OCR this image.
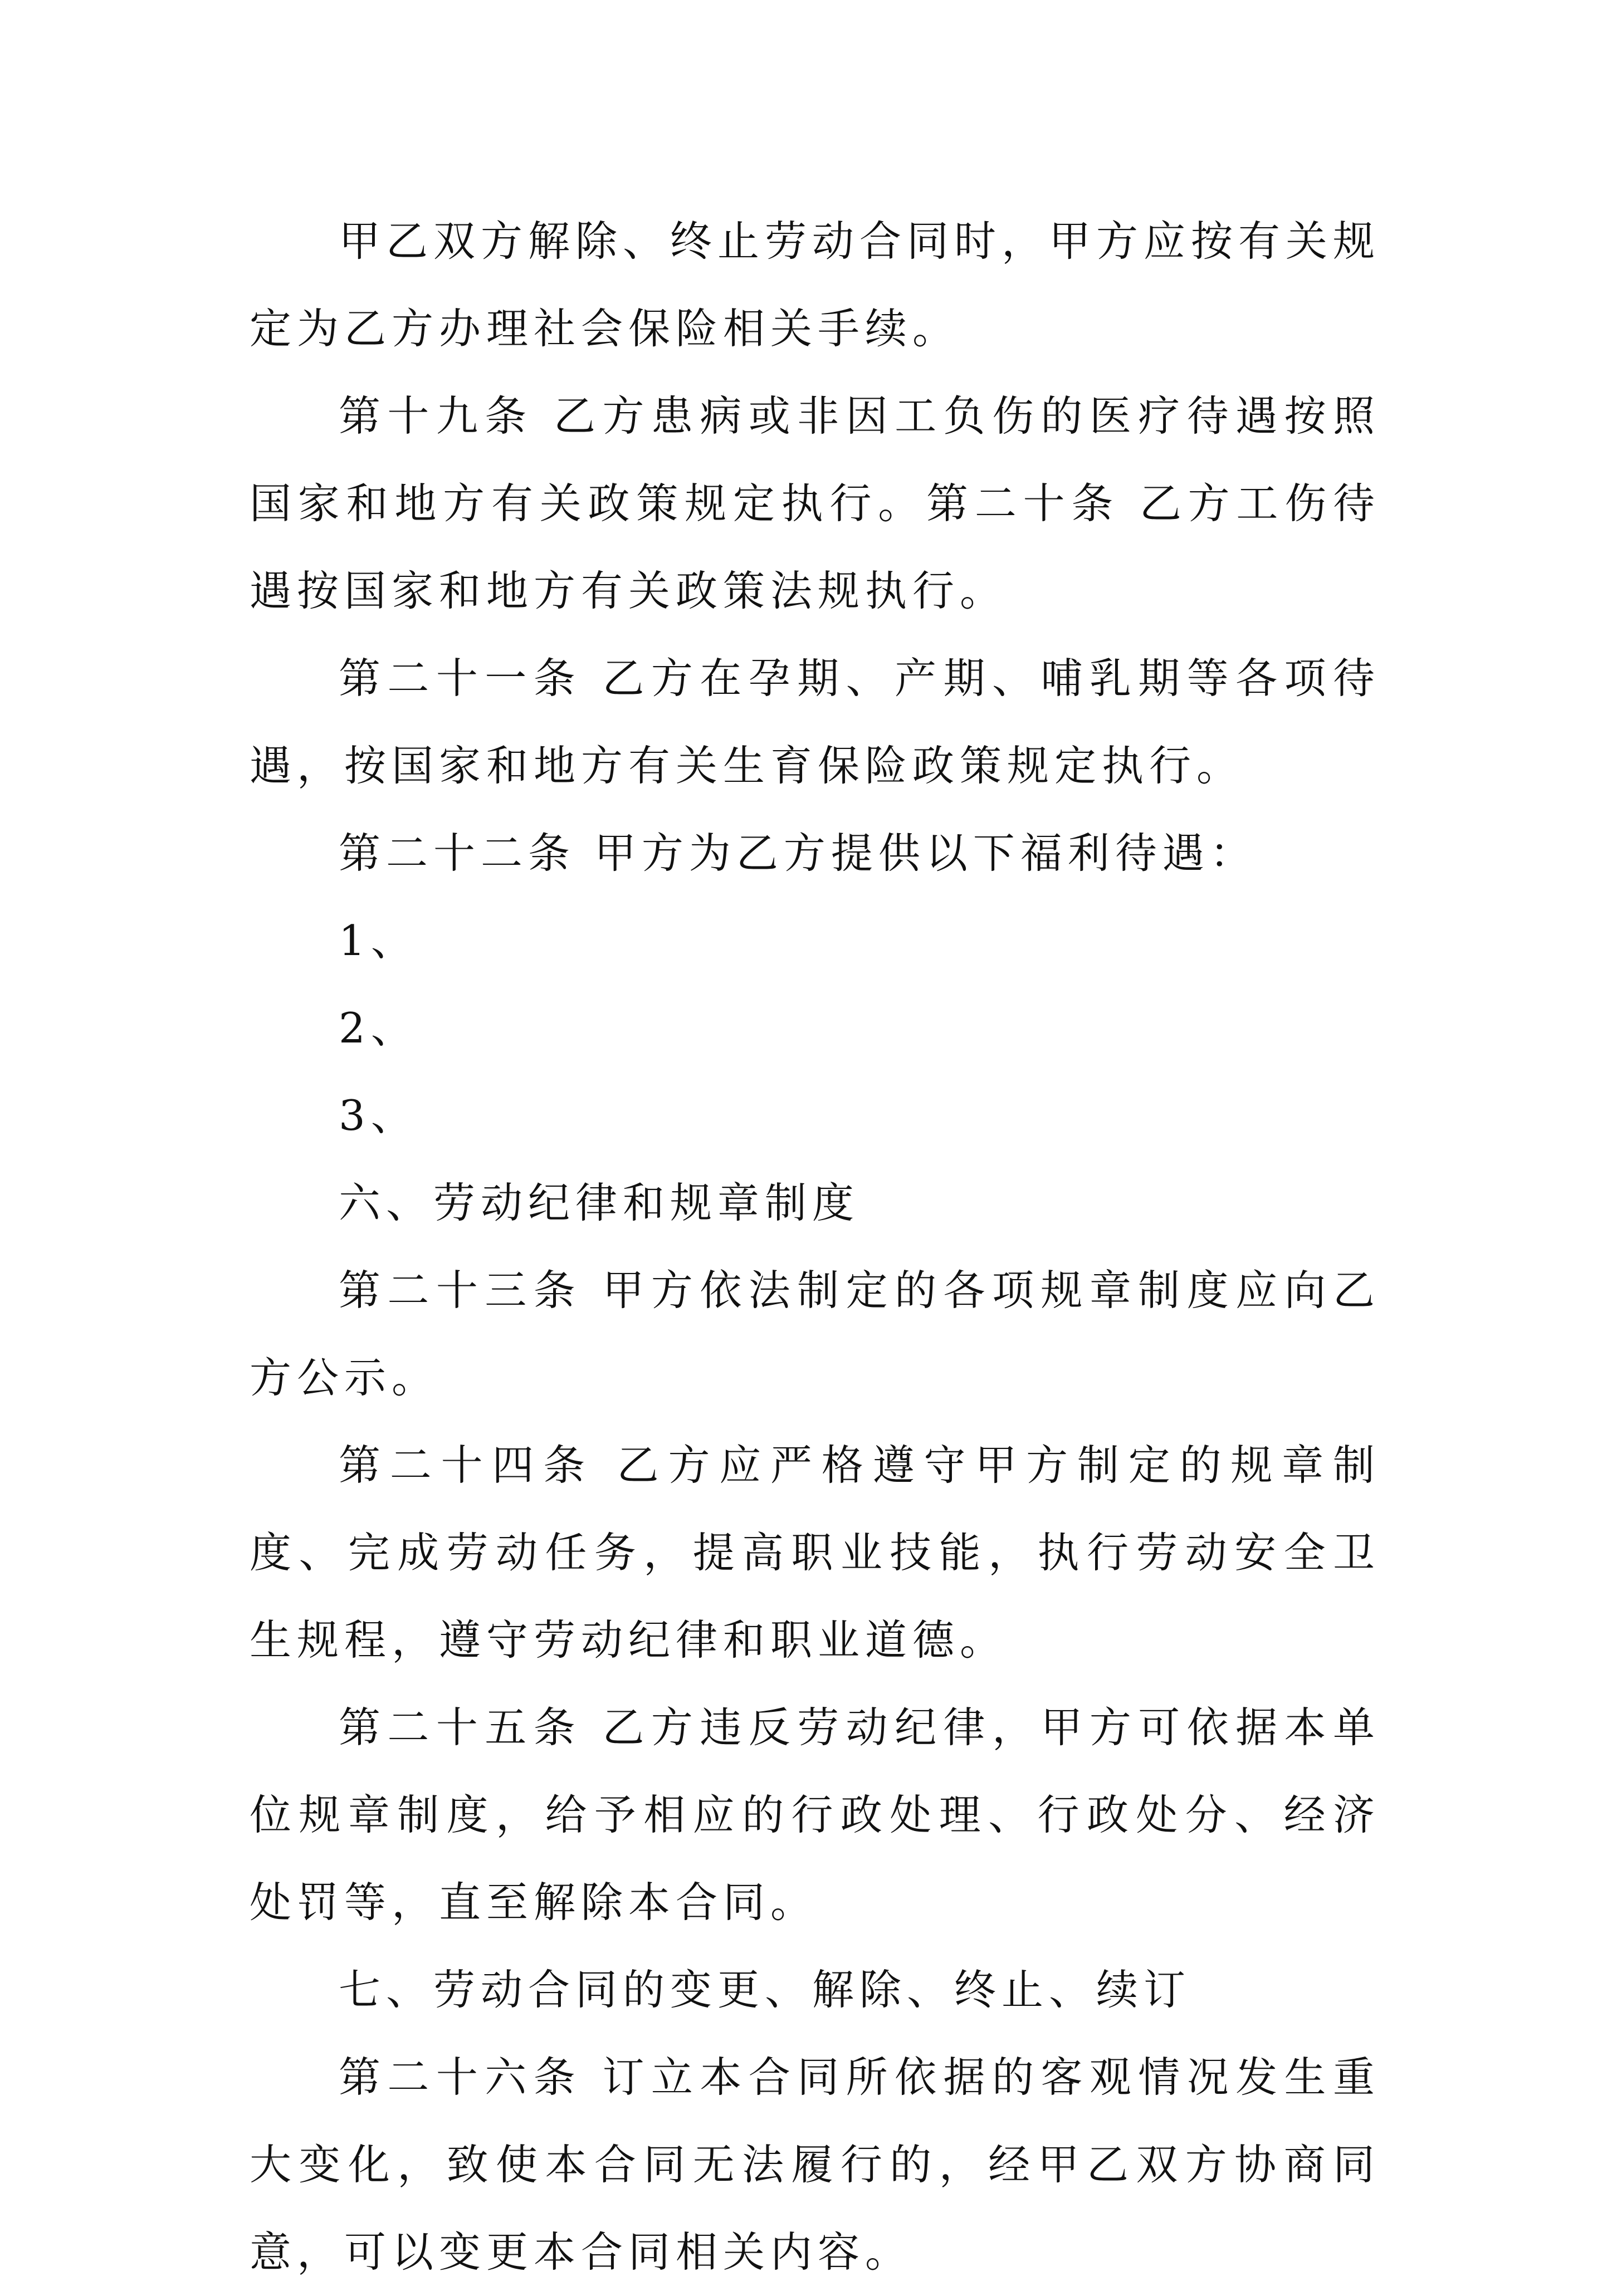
甲乙双方解除、终止劳动合同时，甲方应按有关规定为乙方办理社会保险相关手续。

第十九条 乙方患病或非因工负伤的医疗待遇按照国家和地方有关政策规定执行。第二十条 乙方工伤待遇按国家和地方有关政策法规执行。

第二十一条 乙方在孕期、产期、哺乳期等各项待遇，按国家和地方有关生育保险政策规定执行。

第二十二条 甲方为乙方提供以下福利待遇：

1、

2、

3、

六、劳动纪律和规章制度

第二十三条 甲方依法制定的各项规章制度应向乙方公示。

第二十四条 乙方应严格遵守甲方制定的规章制度、完成劳动任务，提高职业技能，执行劳动安全卫生规程，遵守劳动纪律和职业道德。

第二十五条 乙方违反劳动纪律，甲方可依据本单位规章制度，给予相应的行政处理、行政处分、经济处罚等，直至解除本合同。

七、劳动合同的变更、解除、终止、续订

第二十六条 订立本合同所依据的客观情况发生重大变化，致使本合同无法履行的，经甲乙双方协商同意，可以变更本合同相关内容。
